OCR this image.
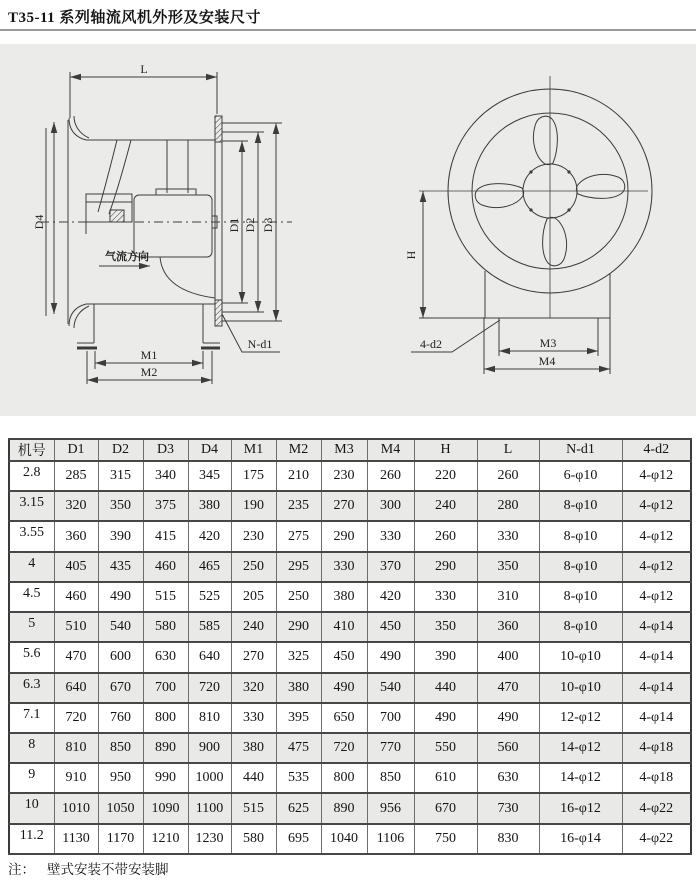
T35-11 系列轴流风机外形及安装尺寸
L
D4	D1 D2 D3
气流方向
M1
M2
N-d1
H
M3
M4
4-d2
机号	D1	D2	D3	D4	M1	M2	M3	M4	H	L	N-d1	4-d2
2.8	285	315	340	345	175	210	230	260	220	260	6-φ10	4-φ12
3.15	320	350	375	380	190	235	270	300	240	280	8-φ10	4-φ12
3.55	360	390	415	420	230	275	290	330	260	330	8-φ10	4-φ12
4	405	435	460	465	250	295	330	370	290	350	8-φ10	4-φ12
4.5	460	490	515	525	205	250	380	420	330	310	8-φ10	4-φ12
5	510	540	580	585	240	290	410	450	350	360	8-φ10	4-φ14
5.6	470	600	630	640	270	325	450	490	390	400	10-φ10	4-φ14
6.3	640	670	700	720	320	380	490	540	440	470	10-φ10	4-φ14
7.1	720	760	800	810	330	395	650	700	490	490	12-φ12	4-φ14
8	810	850	890	900	380	475	720	770	550	560	14-φ12	4-φ18
9	910	950	990	1000	440	535	800	850	610	630	14-φ12	4-φ18
10	1010	1050	1090	1100	515	625	890	956	670	730	16-φ12	4-φ22
11.2	1130	1170	1210	1230	580	695	1040	1106	750	830	16-φ14	4-φ22
注： 壁式安装不带安装脚
